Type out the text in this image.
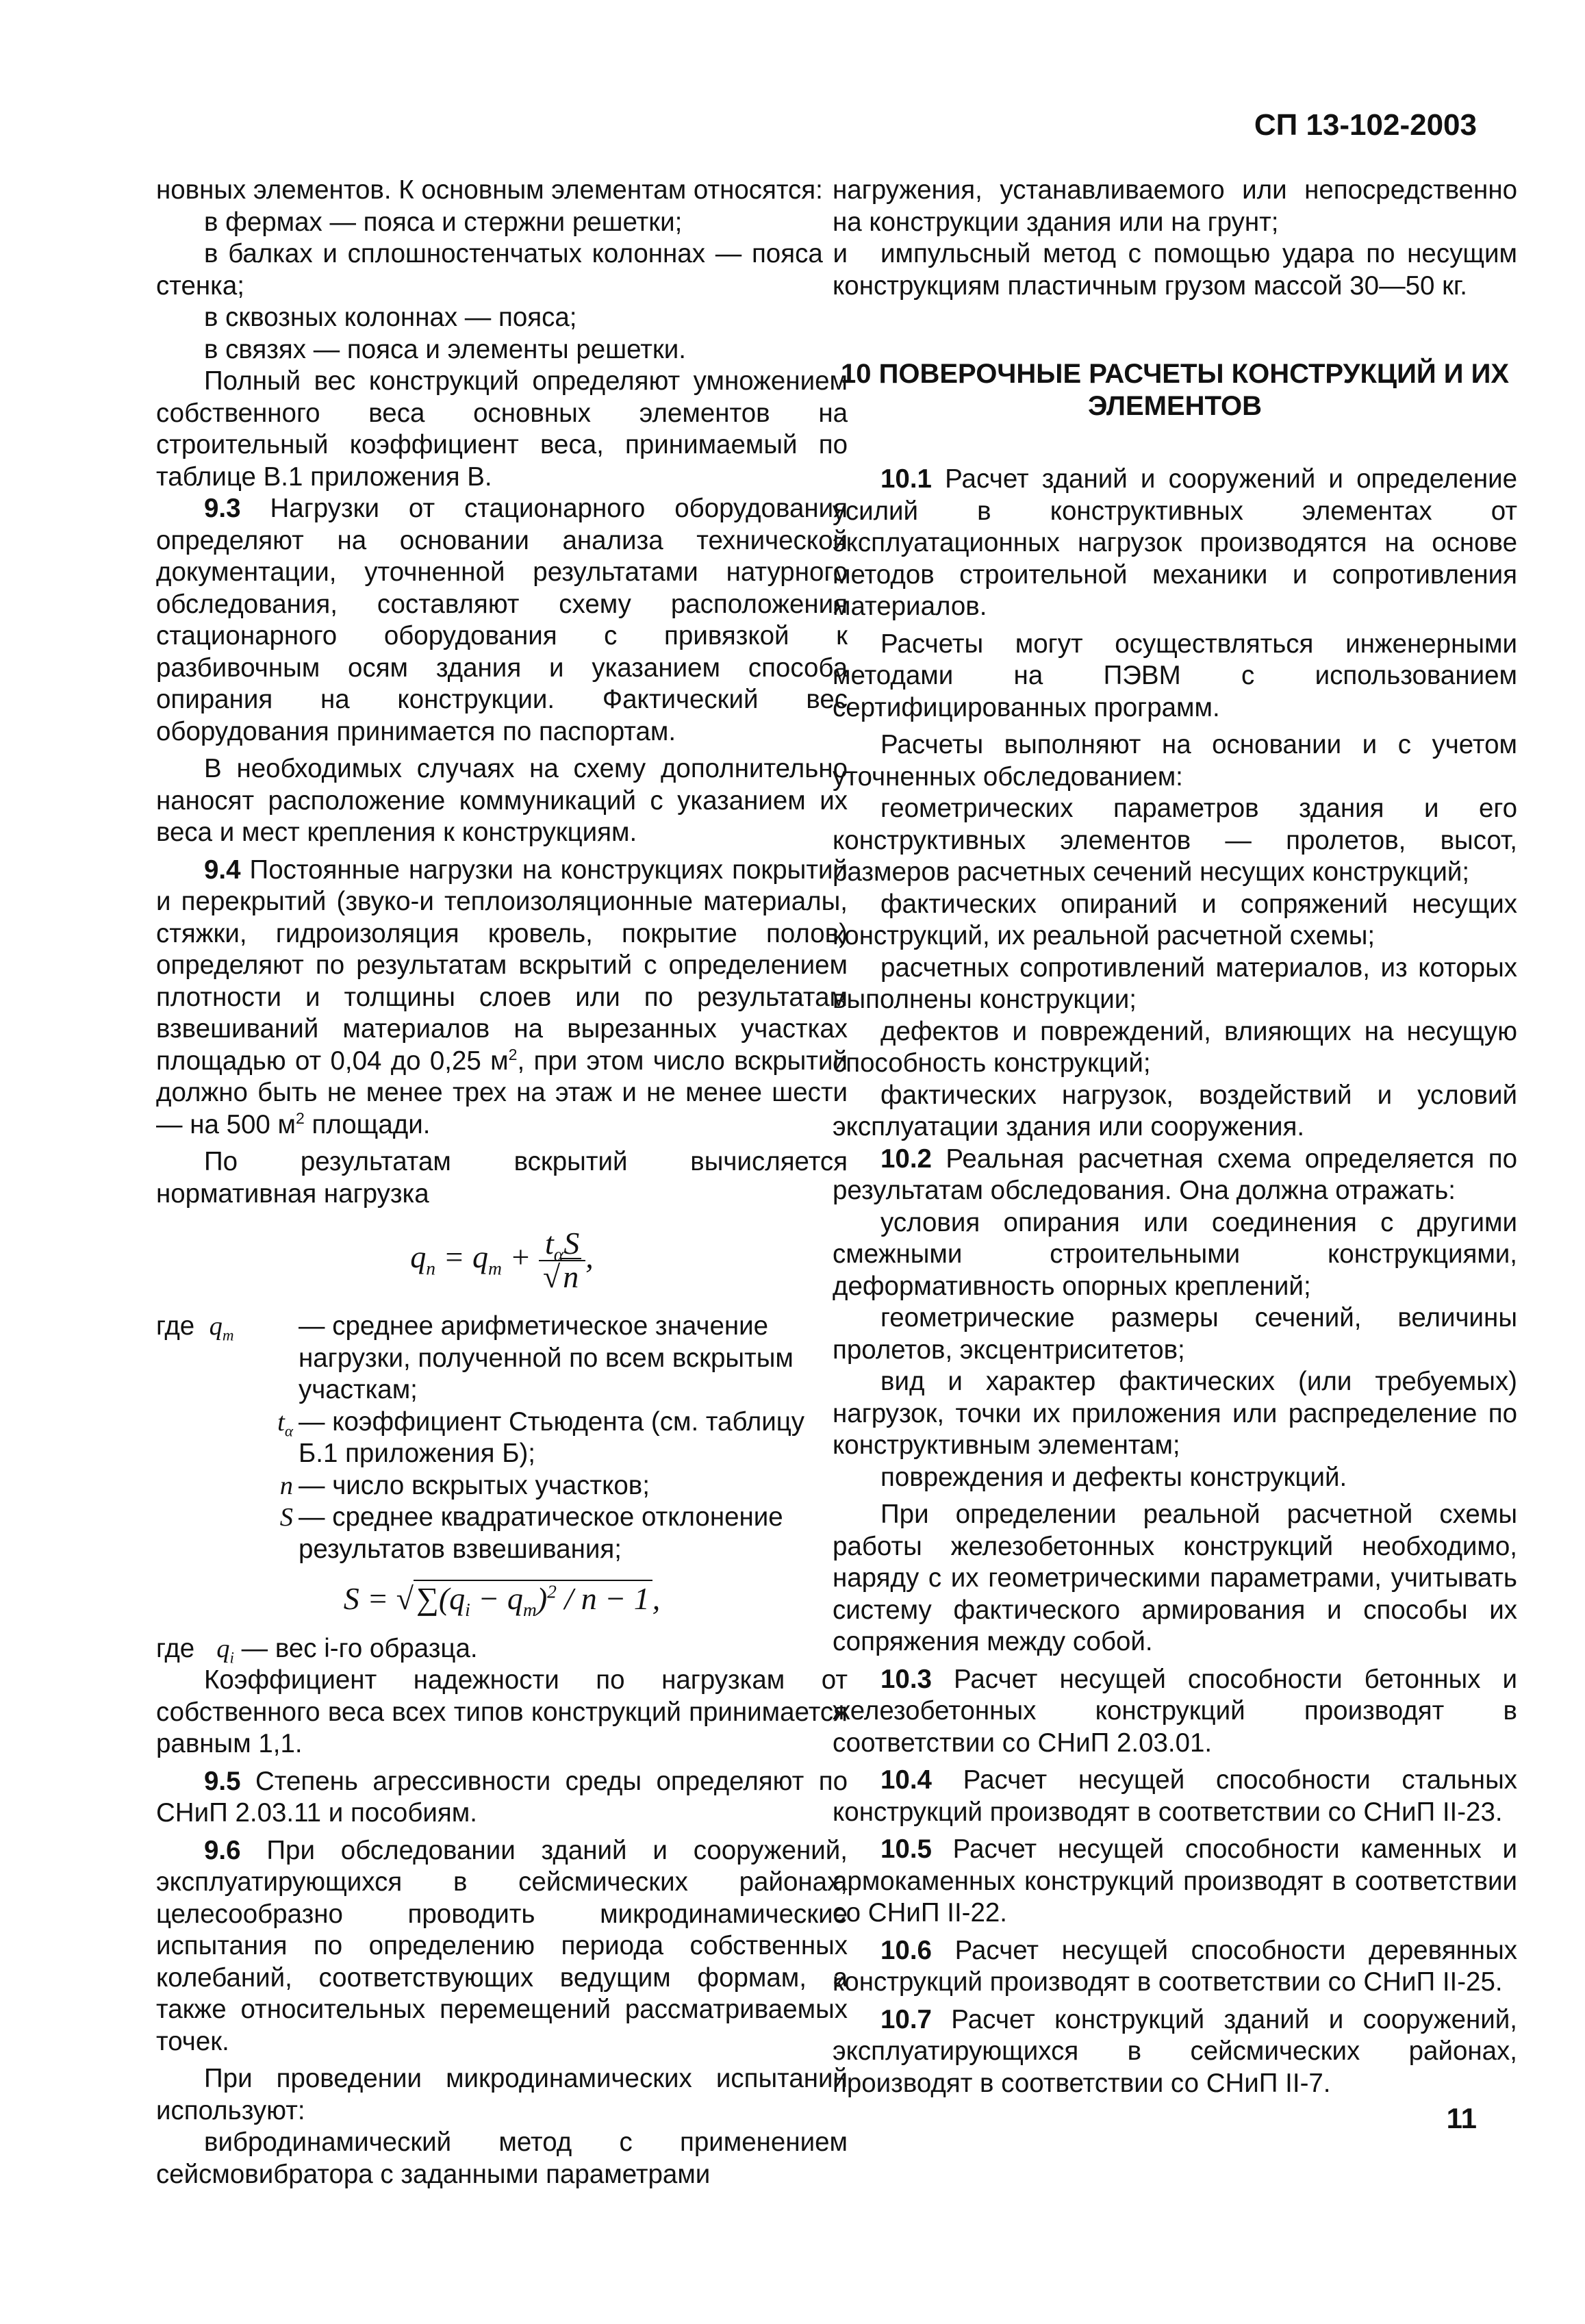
СП 13-102-2003

новных элементов. К основным элементам относятся:

в фермах — пояса и стержни решетки;

в балках и сплошностенчатых колоннах — пояса и стенка;

в сквозных колоннах — пояса;

в связях — пояса и элементы решетки.

Полный вес конструкций определяют умножением собственного веса основных элементов на строительный коэффициент веса, принимаемый по таблице В.1 приложения В.

9.3 Нагрузки от стационарного оборудования определяют на основании анализа технической документации, уточненной результатами натурного обследования, составляют схему расположения стационарного оборудования с привязкой к разбивочным осям здания и указанием способа опирания на конструкции. Фактический вес оборудования принимается по паспортам.

В необходимых случаях на схему дополнительно наносят расположение коммуникаций с указанием их веса и мест крепления к конструкциям.

9.4 Постоянные нагрузки на конструкциях покрытий и перекрытий (звуко-и теплоизоляционные материалы, стяжки, гидроизоляция кровель, покрытие полов) определяют по результатам вскрытий с определением плотности и толщины слоев или по результатам взвешиваний материалов на вырезанных участках площадью от 0,04 до 0,25 $м^2$, при этом число вскрытий должно быть не менее трех на этаж и не менее шести — на 500 $м^2$ площади.

По результатам вскрытий вычисляется нормативная нагрузка

$q_n = q_m + \frac{t_\alpha S}{√n}$ ,
где $q_m$	— среднее арифметическое значение нагрузки, полученной по всем вскрытым участкам;
$t_\alpha$	— коэффициент Стьюдента (см. таблицу Б.1 приложения Б);
n	— число вскрытых участков;
S	— среднее квадратическое отклонение результатов взвешивания;
$S = √\sum(q_i - q_m)^2 / n - 1$,

где $q_i$ — вес i-го образца.

Коэффициент надежности по нагрузкам от собственного веса всех типов конструкций принимается равным 1,1.

9.5 Степень агрессивности среды определяют по СНиП 2.03.11 и пособиям.

9.6 При обследовании зданий и сооружений, эксплуатирующихся в сейсмических районах, целесообразно проводить микродинамические испытания по определению периода собственных колебаний, соответствующих ведущим формам, а также относительных перемещений рассматриваемых точек.

При проведении микродинамических испытаний используют:

вибродинамический метод с применением сейсмовибратора с заданными параметрами

нагружения, устанавливаемого или непосредственно на конструкции здания или на грунт;

импульсный метод с помощью удара по несущим конструкциям пластичным грузом массой 30—50 кг.

10 ПОВЕРОЧНЫЕ РАСЧЕТЫ КОНСТРУКЦИЙ И ИХ ЭЛЕМЕНТОВ

10.1 Расчет зданий и сооружений и определение усилий в конструктивных элементах от эксплуатационных нагрузок производятся на основе методов строительной механики и сопротивления материалов.

Расчеты могут осуществляться инженерными методами на ПЭВМ с использованием сертифицированных программ.

Расчеты выполняют на основании и с учетом уточненных обследованием:

геометрических параметров здания и его конструктивных элементов — пролетов, высот, размеров расчетных сечений несущих конструкций;

фактических опираний и сопряжений несущих конструкций, их реальной расчетной схемы;

расчетных сопротивлений материалов, из которых выполнены конструкции;

дефектов и повреждений, влияющих на несущую способность конструкций;

фактических нагрузок, воздействий и условий эксплуатации здания или сооружения.

10.2 Реальная расчетная схема определяется по результатам обследования. Она должна отражать:

условия опирания или соединения с другими смежными строительными конструкциями, деформативность опорных креплений;

геометрические размеры сечений, величины пролетов, эксцентриситетов;

вид и характер фактических (или требуемых) нагрузок, точки их приложения или распределение по конструктивным элементам;

повреждения и дефекты конструкций.

При определении реальной расчетной схемы работы железобетонных конструкций необходимо, наряду с их геометрическими параметрами, учитывать систему фактического армирования и способы их сопряжения между собой.

10.3 Расчет несущей способности бетонных и железобетонных конструкций производят в соответствии со СНиП 2.03.01.

10.4 Расчет несущей способности стальных конструкций производят в соответствии со СНиП II-23.

10.5 Расчет несущей способности каменных и армокаменных конструкций производят в соответствии со СНиП II-22.

10.6 Расчет несущей способности деревянных конструкций производят в соответствии со СНиП II-25.

10.7 Расчет конструкций зданий и сооружений, эксплуатирующихся в сейсмических районах, производят в соответствии со СНиП II-7.

11
